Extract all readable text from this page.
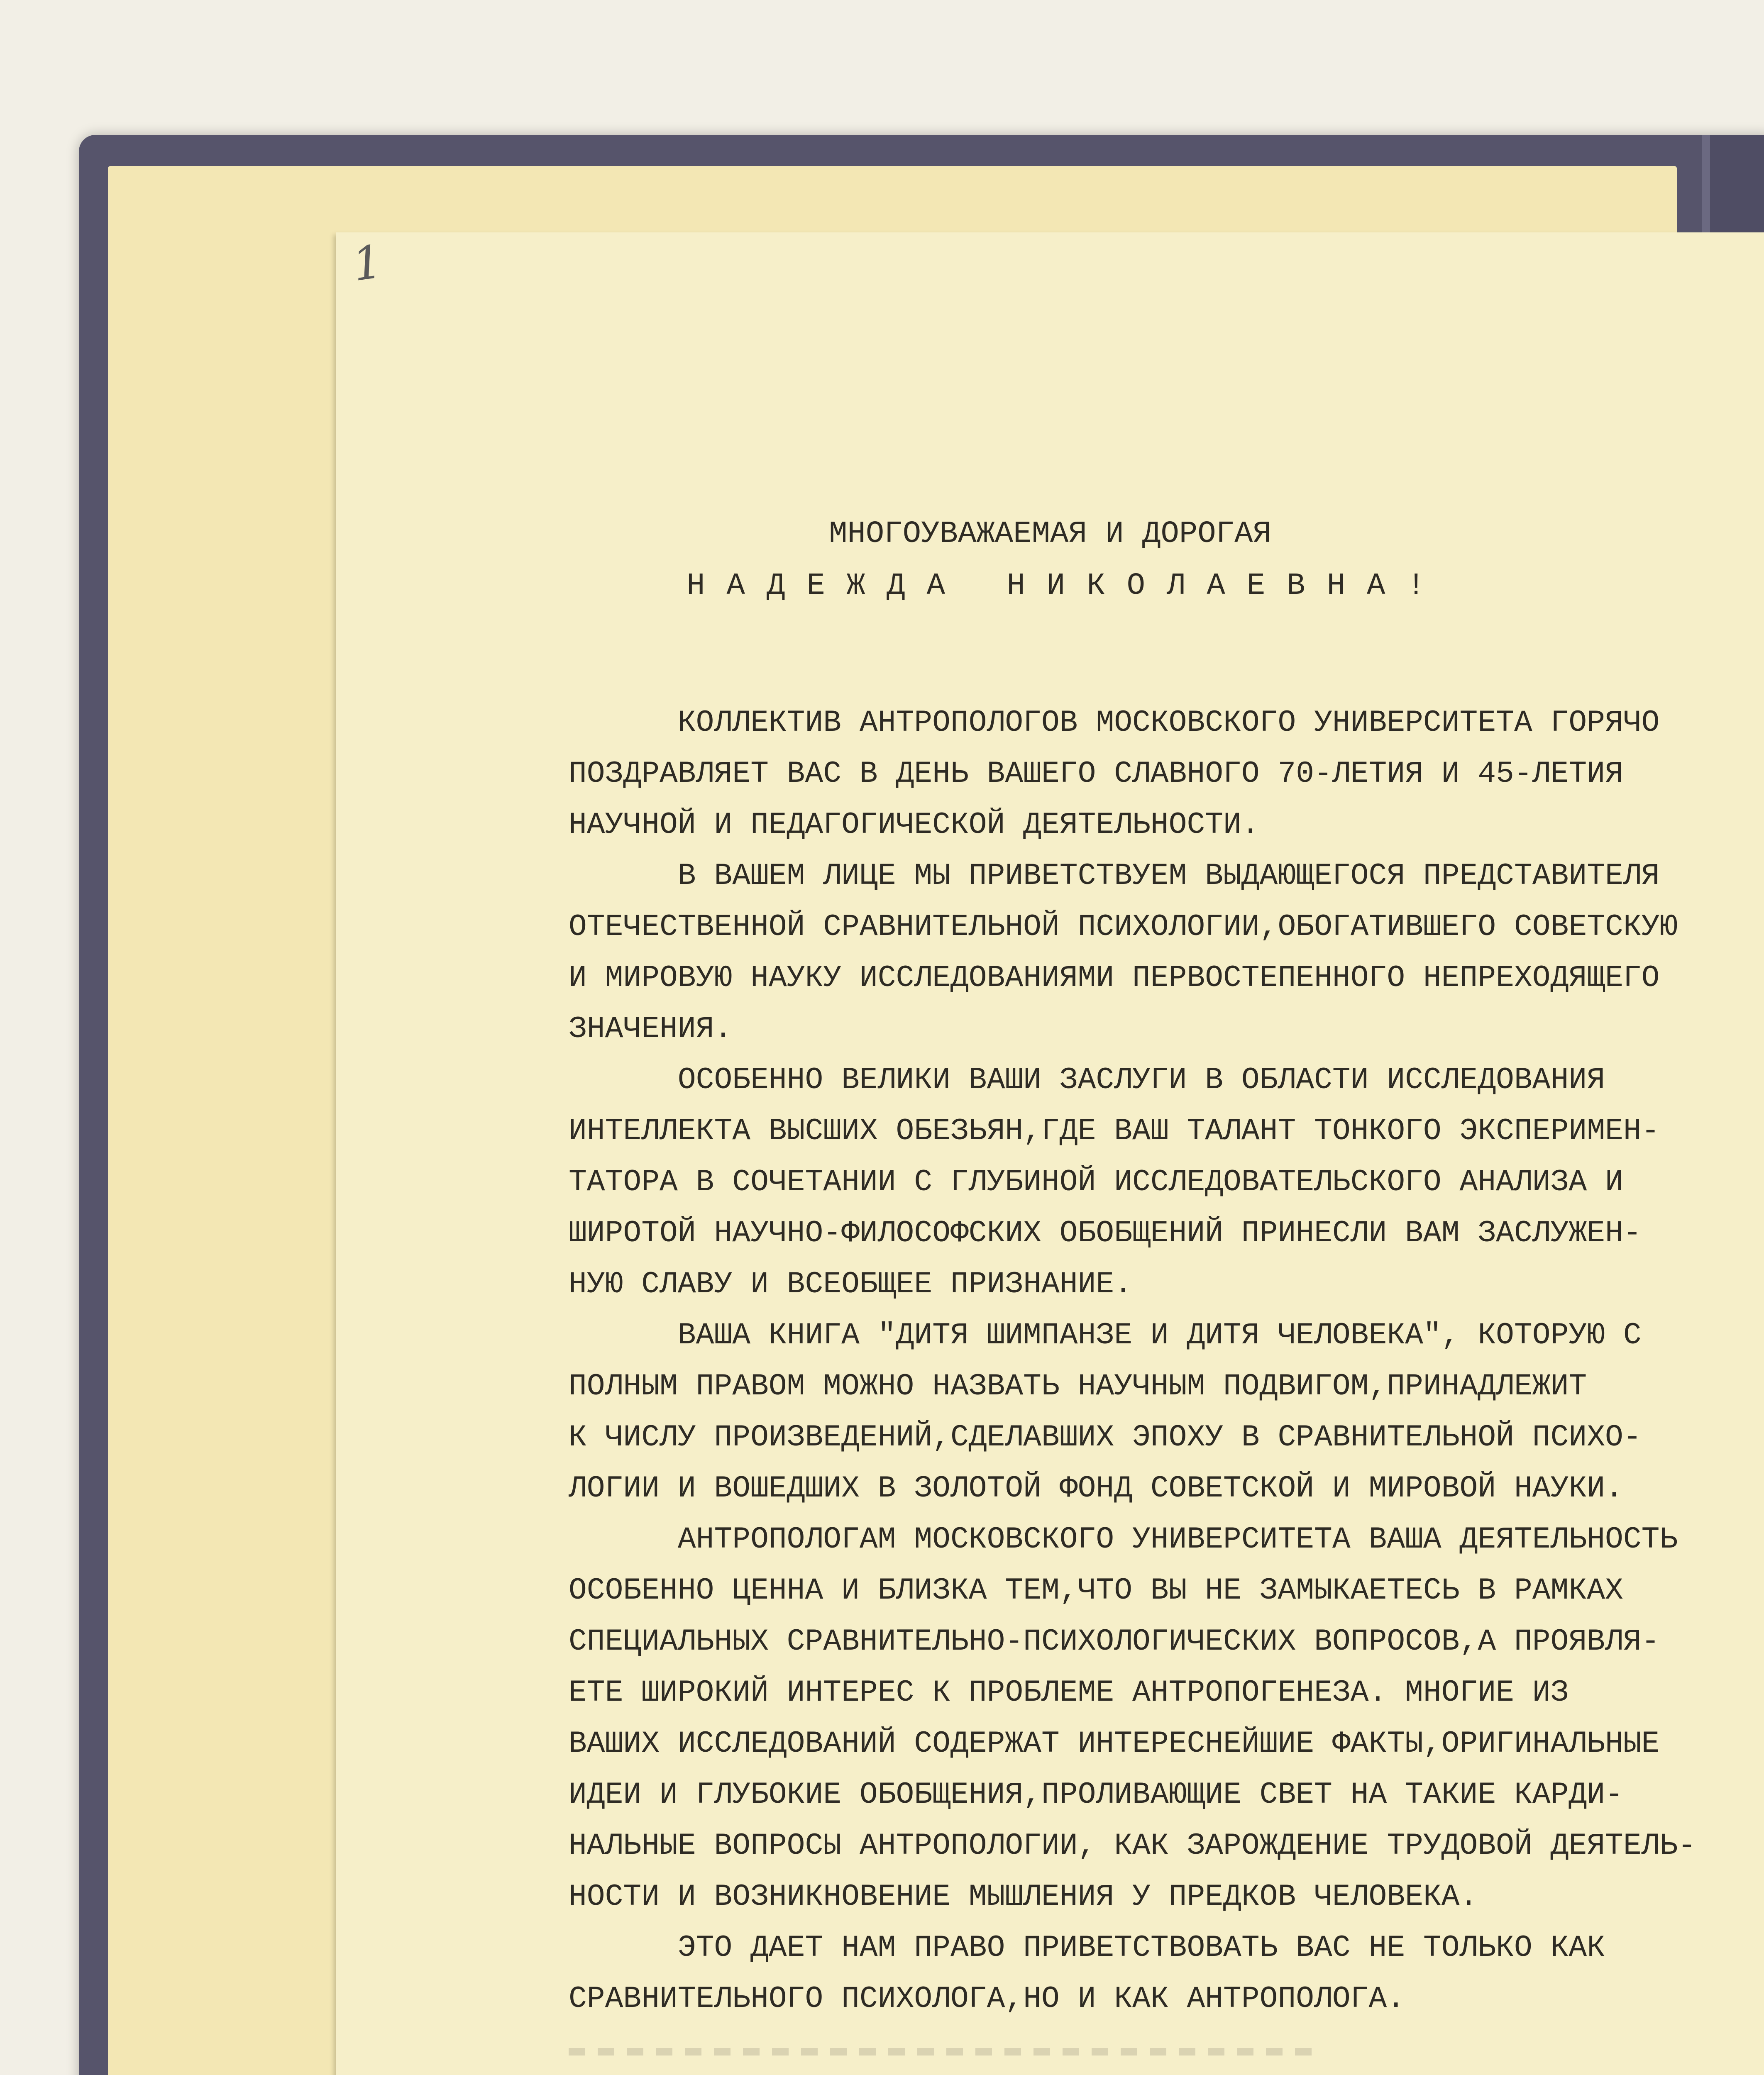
1
МНОГОУВАЖАЕМАЯ И ДОРОГАЯ
НАДЕЖДА НИКОЛАЕВНА!
КОЛЛЕКТИВ АНТРОПОЛОГОВ МОСКОВСКОГО УНИВЕРСИТЕТА ГОРЯЧО
ПОЗДРАВЛЯЕТ ВАС В ДЕНЬ ВАШЕГО СЛАВНОГО 70-ЛЕТИЯ И 45-ЛЕТИЯ
НАУЧНОЙ И ПЕДАГОГИЧЕСКОЙ ДЕЯТЕЛЬНОСТИ.
В ВАШЕМ ЛИЦЕ МЫ ПРИВЕТСТВУЕМ ВЫДАЮЩЕГОСЯ ПРЕДСТАВИТЕЛЯ
ОТЕЧЕСТВЕННОЙ СРАВНИТЕЛЬНОЙ ПСИХОЛОГИИ,ОБОГАТИВШЕГО СОВЕТСКУЮ
И МИРОВУЮ НАУКУ ИССЛЕДОВАНИЯМИ ПЕРВОСТЕПЕННОГО НЕПРЕХОДЯЩЕГО
ЗНАЧЕНИЯ.
ОСОБЕННО ВЕЛИКИ ВАШИ ЗАСЛУГИ В ОБЛАСТИ ИССЛЕДОВАНИЯ
ИНТЕЛЛЕКТА ВЫСШИХ ОБЕЗЬЯН,ГДЕ ВАШ ТАЛАНТ ТОНКОГО ЭКСПЕРИМЕН-
ТАТОРА В СОЧЕТАНИИ С ГЛУБИНОЙ ИССЛЕДОВАТЕЛЬСКОГО АНАЛИЗА И
ШИРОТОЙ НАУЧНО-ФИЛОСОФСКИХ ОБОБЩЕНИЙ ПРИНЕСЛИ ВАМ ЗАСЛУЖЕН-
НУЮ СЛАВУ И ВСЕОБЩЕЕ ПРИЗНАНИЕ.
ВАША КНИГА "ДИТЯ ШИМПАНЗЕ И ДИТЯ ЧЕЛОВЕКА", КОТОРУЮ С
ПОЛНЫМ ПРАВОМ МОЖНО НАЗВАТЬ НАУЧНЫМ ПОДВИГОМ,ПРИНАДЛЕЖИТ
К ЧИСЛУ ПРОИЗВЕДЕНИЙ,СДЕЛАВШИХ ЭПОХУ В СРАВНИТЕЛЬНОЙ ПСИХО-
ЛОГИИ И ВОШЕДШИХ В ЗОЛОТОЙ ФОНД СОВЕТСКОЙ И МИРОВОЙ НАУКИ.
АНТРОПОЛОГАМ МОСКОВСКОГО УНИВЕРСИТЕТА ВАША ДЕЯТЕЛЬНОСТЬ
ОСОБЕННО ЦЕННА И БЛИЗКА ТЕМ,ЧТО ВЫ НЕ ЗАМЫКАЕТЕСЬ В РАМКАХ
СПЕЦИАЛЬНЫХ СРАВНИТЕЛЬНО-ПСИХОЛОГИЧЕСКИХ ВОПРОСОВ,А ПРОЯВЛЯ-
ЕТЕ ШИРОКИЙ ИНТЕРЕС К ПРОБЛЕМЕ АНТРОПОГЕНЕЗА. МНОГИЕ ИЗ
ВАШИХ ИССЛЕДОВАНИЙ СОДЕРЖАТ ИНТЕРЕСНЕЙШИЕ ФАКТЫ,ОРИГИНАЛЬНЫЕ
ИДЕИ И ГЛУБОКИЕ ОБОБЩЕНИЯ,ПРОЛИВАЮЩИЕ СВЕТ НА ТАКИЕ КАРДИ-
НАЛЬНЫЕ ВОПРОСЫ АНТРОПОЛОГИИ, КАК ЗАРОЖДЕНИЕ ТРУДОВОЙ ДЕЯТЕЛЬ-
НОСТИ И ВОЗНИКНОВЕНИЕ МЫШЛЕНИЯ У ПРЕДКОВ ЧЕЛОВЕКА.
ЭТО ДАЕТ НАМ ПРАВО ПРИВЕТСТВОВАТЬ ВАС НЕ ТОЛЬКО КАК
СРАВНИТЕЛЬНОГО ПСИХОЛОГА,НО И КАК АНТРОПОЛОГА.
